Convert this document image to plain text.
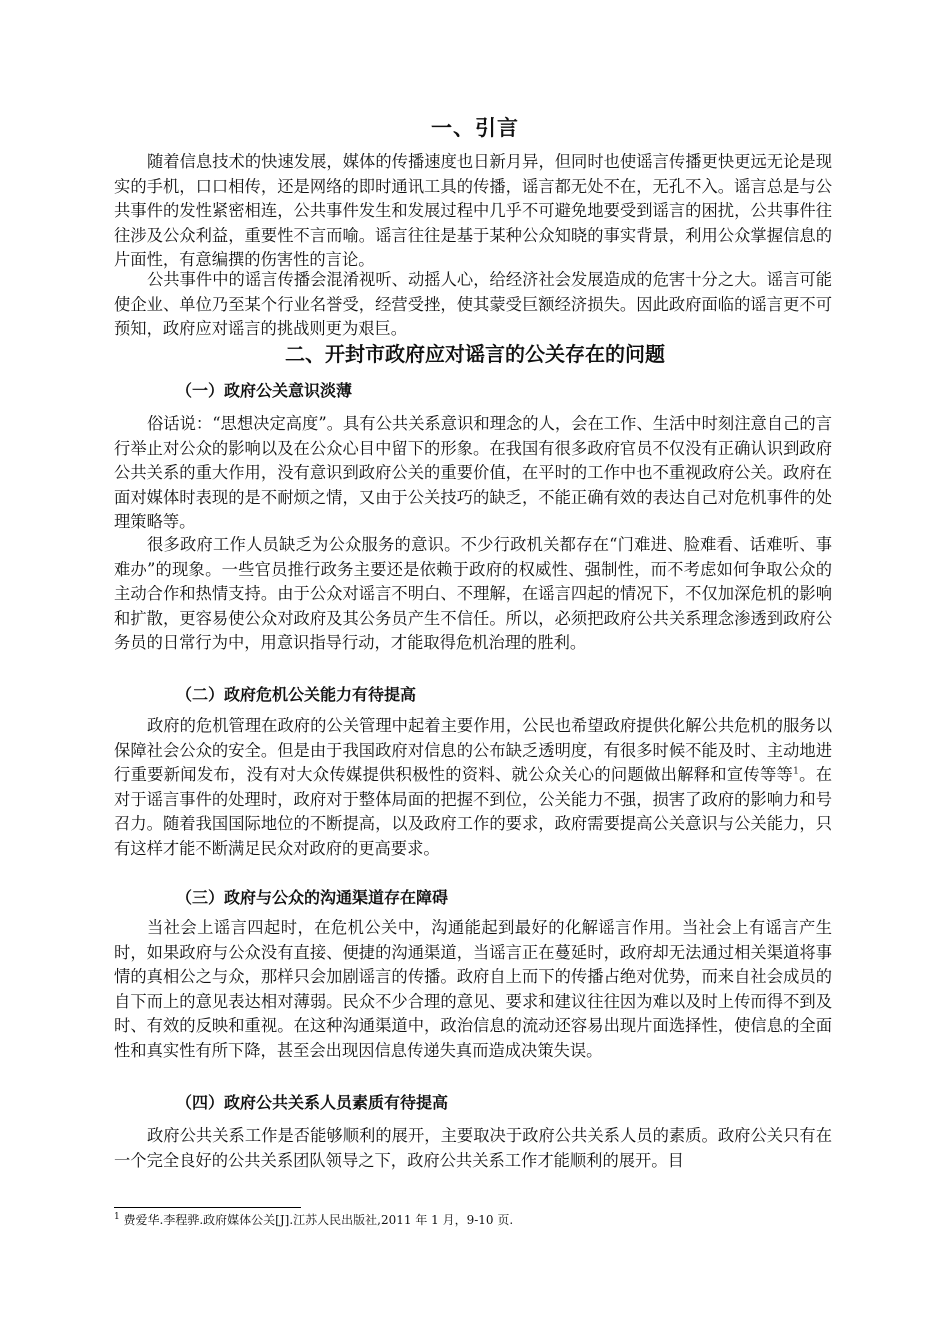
一、引言

随着信息技术的快速发展，媒体的传播速度也日新月异，但同时也使谣言传播更快更远无论是现实的手机，口口相传，还是网络的即时通讯工具的传播，谣言都无处不在，无孔不入。谣言总是与公共事件的发性紧密相连，公共事件发生和发展过程中几乎不可避免地要受到谣言的困扰，公共事件往往涉及公众利益，重要性不言而喻。谣言往往是基于某种公众知晓的事实背景，利用公众掌握信息的片面性，有意编撰的伤害性的言论。

公共事件中的谣言传播会混淆视听、动摇人心，给经济社会发展造成的危害十分之大。谣言可能使企业、单位乃至某个行业名誉受，经营受挫，使其蒙受巨额经济损失。因此政府面临的谣言更不可预知，政府应对谣言的挑战则更为艰巨。

二、开封市政府应对谣言的公关存在的问题
（一）政府公关意识淡薄

俗话说：“思想决定高度”。具有公共关系意识和理念的人，会在工作、生活中时刻注意自己的言行举止对公众的影响以及在公众心目中留下的形象。在我国有很多政府官员不仅没有正确认识到政府公共关系的重大作用，没有意识到政府公关的重要价值，在平时的工作中也不重视政府公关。政府在面对媒体时表现的是不耐烦之情，又由于公关技巧的缺乏，不能正确有效的表达自己对危机事件的处理策略等。

很多政府工作人员缺乏为公众服务的意识。不少行政机关都存在“门难进、脸难看、话难听、事难办”的现象。一些官员推行政务主要还是依赖于政府的权威性、强制性，而不考虑如何争取公众的主动合作和热情支持。由于公众对谣言不明白、不理解，在谣言四起的情况下，不仅加深危机的影响和扩散，更容易使公众对政府及其公务员产生不信任。所以，必须把政府公共关系理念渗透到政府公务员的日常行为中，用意识指导行动，才能取得危机治理的胜利。

（二）政府危机公关能力有待提高

政府的危机管理在政府的公关管理中起着主要作用，公民也希望政府提供化解公共危机的服务以保障社会公众的安全。但是由于我国政府对信息的公布缺乏透明度，有很多时候不能及时、主动地进行重要新闻发布，没有对大众传媒提供积极性的资料、就公众关心的问题做出解释和宣传等等$^1$。在对于谣言事件的处理时，政府对于整体局面的把握不到位，公关能力不强，损害了政府的影响力和号召力。随着我国国际地位的不断提高，以及政府工作的要求，政府需要提高公关意识与公关能力，只有这样才能不断满足民众对政府的更高要求。

（三）政府与公众的沟通渠道存在障碍

当社会上谣言四起时，在危机公关中，沟通能起到最好的化解谣言作用。当社会上有谣言产生时，如果政府与公众没有直接、便捷的沟通渠道，当谣言正在蔓延时，政府却无法通过相关渠道将事情的真相公之与众，那样只会加剧谣言的传播。政府自上而下的传播占绝对优势，而来自社会成员的自下而上的意见表达相对薄弱。民众不少合理的意见、要求和建议往往因为难以及时上传而得不到及时、有效的反映和重视。在这种沟通渠道中，政治信息的流动还容易出现片面选择性，使信息的全面性和真实性有所下降，甚至会出现因信息传递失真而造成决策失误。

（四）政府公共关系人员素质有待提高

政府公共关系工作是否能够顺利的展开，主要取决于政府公共关系人员的素质。政府公关只有在一个完全良好的公共关系团队领导之下，政府公共关系工作才能顺利的展开。目

$^1$ 费爱华.李程骅.政府媒体公关[J].江苏人民出版社,2011 年 1 月，9-10 页.
